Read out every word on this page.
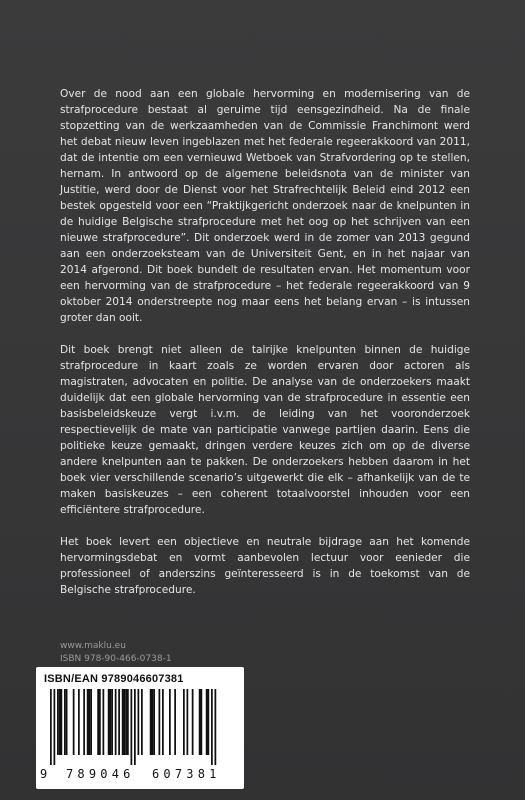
Over de nood aan een globale hervorming en modernisering van de strafprocedure bestaat al geruime tijd eensgezindheid. Na de finale stopzetting van de werkzaamheden van de Commissie Franchimont werd het debat nieuw leven ingeblazen met het federale regeerakkoord van 2011, dat de intentie om een vernieuwd Wetboek van Strafvordering op te stellen, hernam. In antwoord op de algemene beleidsnota van de minister van Justitie, werd door de Dienst voor het Strafrechtelijk Beleid eind 2012 een bestek opgesteld voor een “Praktijkgericht onderzoek naar de knelpunten in de huidige Belgische strafprocedure met het oog op het schrijven van een nieuwe strafprocedure”. Dit onderzoek werd in de zomer van 2013 gegund aan een onderzoeksteam van de Universiteit Gent, en in het najaar van 2014 afgerond. Dit boek bundelt de resultaten ervan. Het momentum voor een hervorming van de strafprocedure – het federale regeerakkoord van 9 oktober 2014 onderstreepte nog maar eens het belang ervan – is intussen groter dan ooit.

Dit boek brengt niet alleen de talrijke knelpunten binnen de huidige strafprocedure in kaart zoals ze worden ervaren door actoren als magistraten, advocaten en politie. De analyse van de onderzoekers maakt duidelijk dat een globale hervorming van de strafprocedure in essentie een basisbeleidskeuze vergt i.v.m. de leiding van het vooronderzoek respectievelijk de mate van participatie vanwege partijen daarin. Eens die politieke keuze gemaakt, dringen verdere keuzes zich om op de diverse andere knelpunten aan te pakken. De onderzoekers hebben daarom in het boek vier verschillende scenario’s uitgewerkt die elk – afhankelijk van de te maken basiskeuzes – een coherent totaalvoorstel inhouden voor een efficiëntere strafprocedure.

Het boek levert een objectieve en neutrale bijdrage aan het komende hervormingsdebat en vormt aanbevolen lectuur voor eenieder die professioneel of anderszins geïnteresseerd is in de toekomst van de Belgische strafprocedure.

www.maklu.eu
ISBN 978-90-466-0738-1
ISBN/EAN 9789046607381
9 789046 607381
